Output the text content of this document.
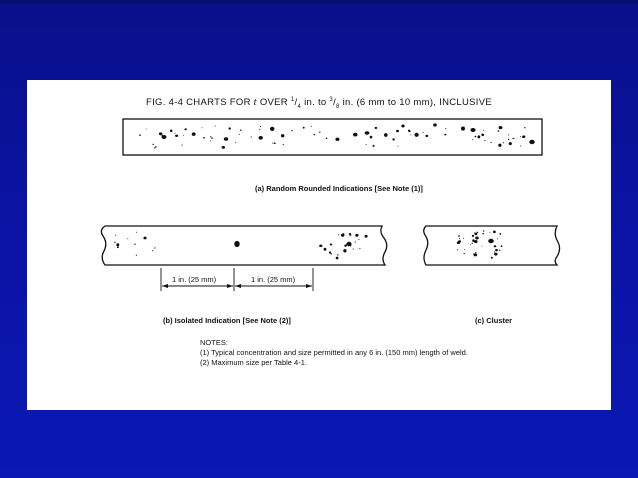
FIG. 4-4 CHARTS FOR t OVER $^1/_4$ in. to $^3/_8$ in. (6 mm to 10 mm), INCLUSIVE
(a) Random Rounded Indications [See Note (1)]
1 in. (25 mm)	1 in. (25 mm)
(b) Isolated Indication [See Note (2)]	(c) Cluster
NOTES:
(1) Typical concentration and size permitted in any 6 in. (150 mm) length of weld.
(2) Maximum size per Table 4-1.
